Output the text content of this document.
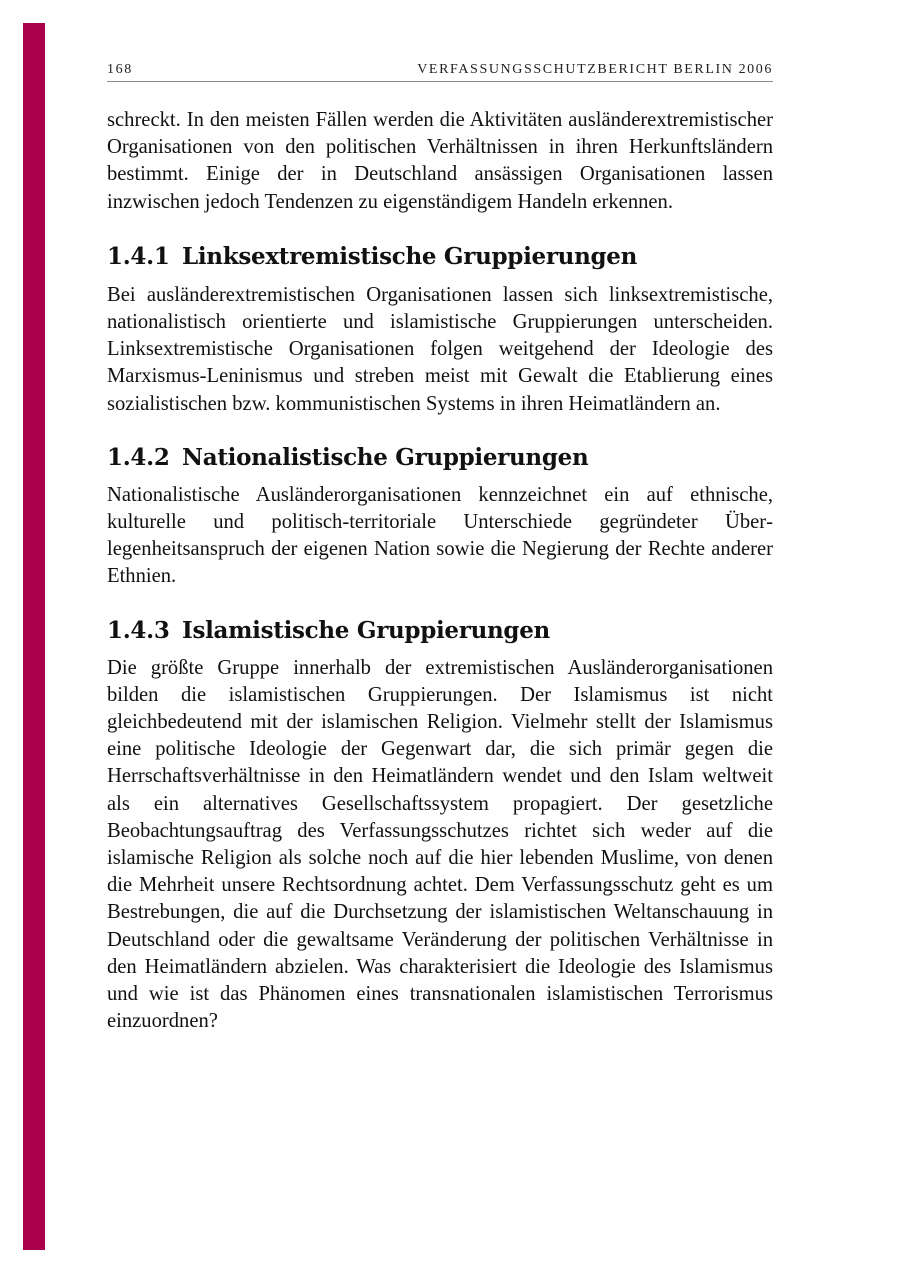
168	VERFASSUNGSSCHUTZBERICHT BERLIN 2006

schreckt. In den meisten Fällen werden die Aktivitäten ausländerextremistischer Organisationen von den politischen Verhältnissen in ihren Herkunftsländern bestimmt. Einige der in Deutschland ansässigen Organisationen lassen inzwischen jedoch Tendenzen zu eigenständigem Handeln erkennen.

1.4.1 Linksextremistische Gruppierungen

Bei ausländerextremistischen Organisationen lassen sich linksextremistische, nationalistisch orientierte und islamistische Gruppierungen unterscheiden. Linksextremistische Organisationen folgen weitgehend der Ideologie des Marxismus-Leninismus und streben meist mit Gewalt die Etablierung eines sozialistischen bzw. kommunistischen Systems in ihren Heimatländern an.

1.4.2 Nationalistische Gruppierungen

Nationalistische Ausländerorganisationen kennzeichnet ein auf ethnische, kulturelle und politisch-territoriale Unterschiede gegründeter Überlegenheitsanspruch der eigenen Nation sowie die Negierung der Rechte anderer Ethnien.

1.4.3 Islamistische Gruppierungen

Die größte Gruppe innerhalb der extremistischen Ausländerorganisationen bilden die islamistischen Gruppierungen. Der Islamismus ist nicht gleichbedeutend mit der islamischen Religion. Vielmehr stellt der Islamismus eine politische Ideologie der Gegenwart dar, die sich primär gegen die Herrschaftsverhältnisse in den Heimatländern wendet und den Islam weltweit als ein alternatives Gesellschaftssystem propagiert. Der gesetzliche Beobachtungsauftrag des Verfassungsschutzes richtet sich weder auf die islamische Religion als solche noch auf die hier lebenden Muslime, von denen die Mehrheit unsere Rechtsordnung achtet. Dem Verfassungsschutz geht es um Bestrebungen, die auf die Durchsetzung der islamistischen Weltanschauung in Deutschland oder die gewaltsame Veränderung der politischen Verhältnisse in den Heimatländern abzielen. Was charakterisiert die Ideologie des Islamismus und wie ist das Phänomen eines transnationalen islamistischen Terrorismus einzuordnen?
